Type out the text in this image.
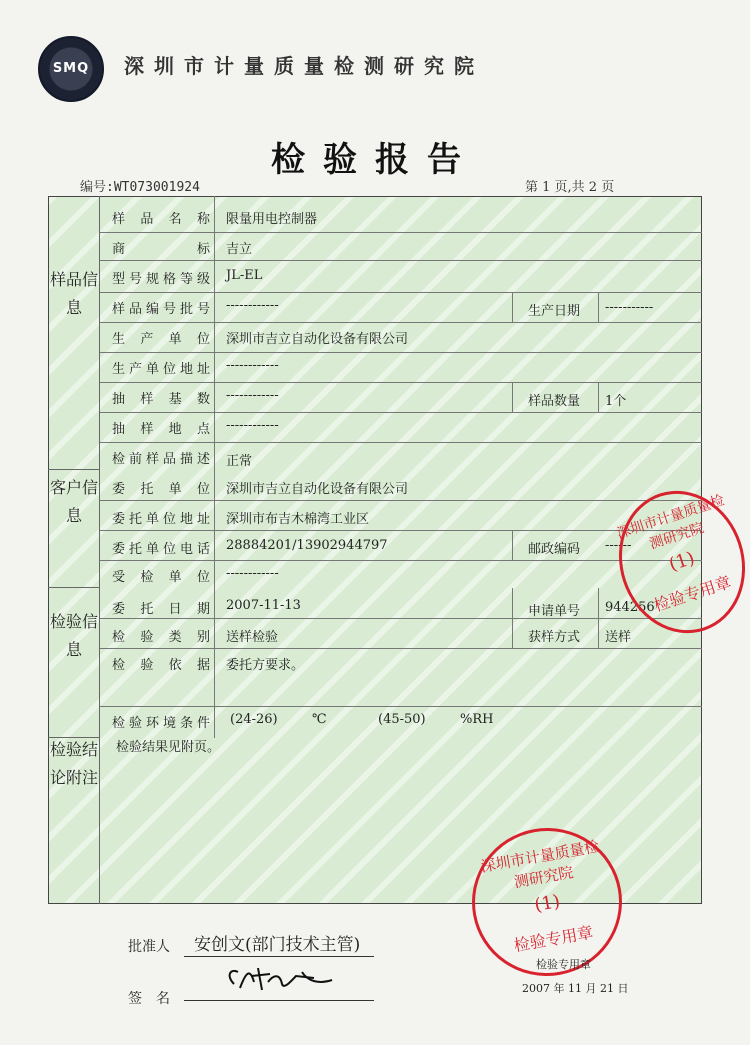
SMQ	深圳市计量质量检测研究院
检验报告
编号:WT073001924	第 1 页,共 2 页
样品信息
客户信息
检验信息
检验结论附注
样品名称 限量用电控制器
商标 吉立
型号规格等级 JL-EL
样品编号批号 ------------	生产日期 -----------
生产单位 深圳市吉立自动化设备有限公司
生产单位地址 ------------
抽样基数 ------------	样品数量 1个
抽样地点 ------------
检前样品描述 正常
委托单位 深圳市吉立自动化设备有限公司
委托单位地址 深圳市布吉木棉湾工业区
委托单位电话 28884201/13902944797	邮政编码 ------
受检单位 ------------
委托日期 2007-11-13	申请单号 944256
检验类别 送样检验	获样方式 送样
检验依据 委托方要求。
检验环境条件 (24-26)	℃	(45-50)	%RH
检验结果见附页。
深圳市计量质量检测研究院
(1)
检验专用章
深圳市计量质量检测研究院
(1)
检验专用章
批准人 安创文(部门技术主管)
检验专用章
签名
2007 年 11 月 21 日
